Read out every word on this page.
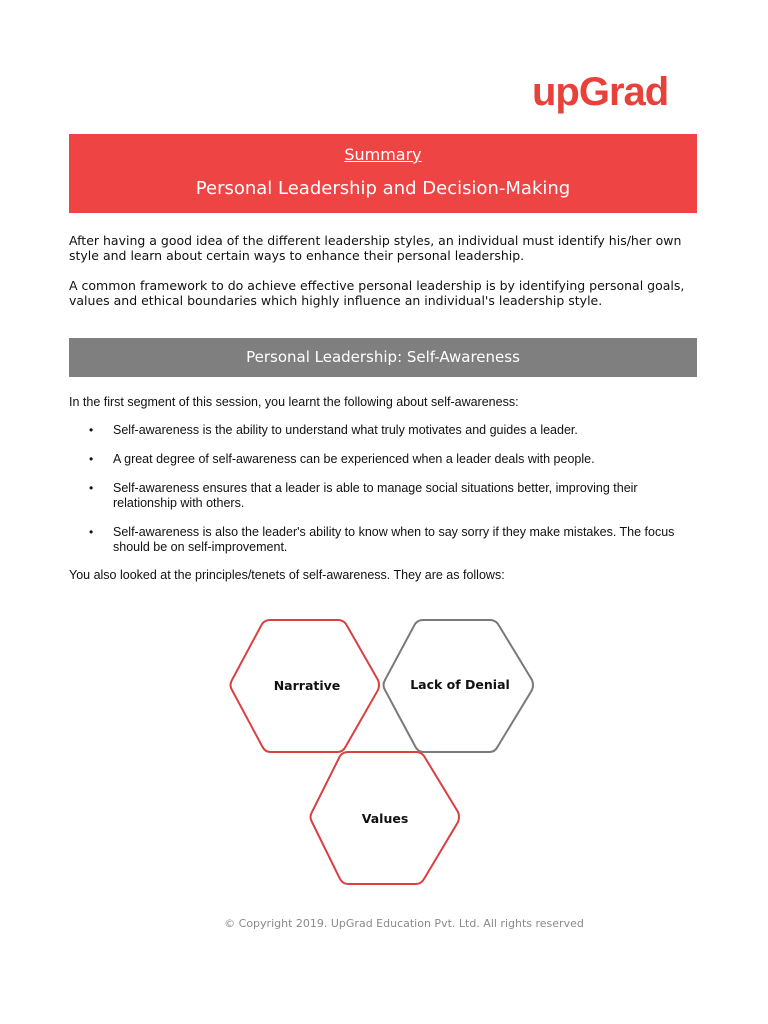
upGrad
Summary
Personal Leadership and Decision-Making
After having a good idea of the different leadership styles, an individual must identify his/her own style and learn about certain ways to enhance their personal leadership.
A common framework to do achieve effective personal leadership is by identifying personal goals, values and ethical boundaries which highly influence an individual's leadership style.
Personal Leadership: Self-Awareness
In the first segment of this session, you learnt the following about self-awareness:
• Self-awareness is the ability to understand what truly motivates and guides a leader.
• A great degree of self-awareness can be experienced when a leader deals with people.
• Self-awareness ensures that a leader is able to manage social situations better, improving their relationship with others.
• Self-awareness is also the leader's ability to know when to say sorry if they make mistakes. The focus should be on self-improvement.
You also looked at the principles/tenets of self-awareness. They are as follows:
Narrative	Lack of Denial
Values
© Copyright 2019. UpGrad Education Pvt. Ltd. All rights reserved
